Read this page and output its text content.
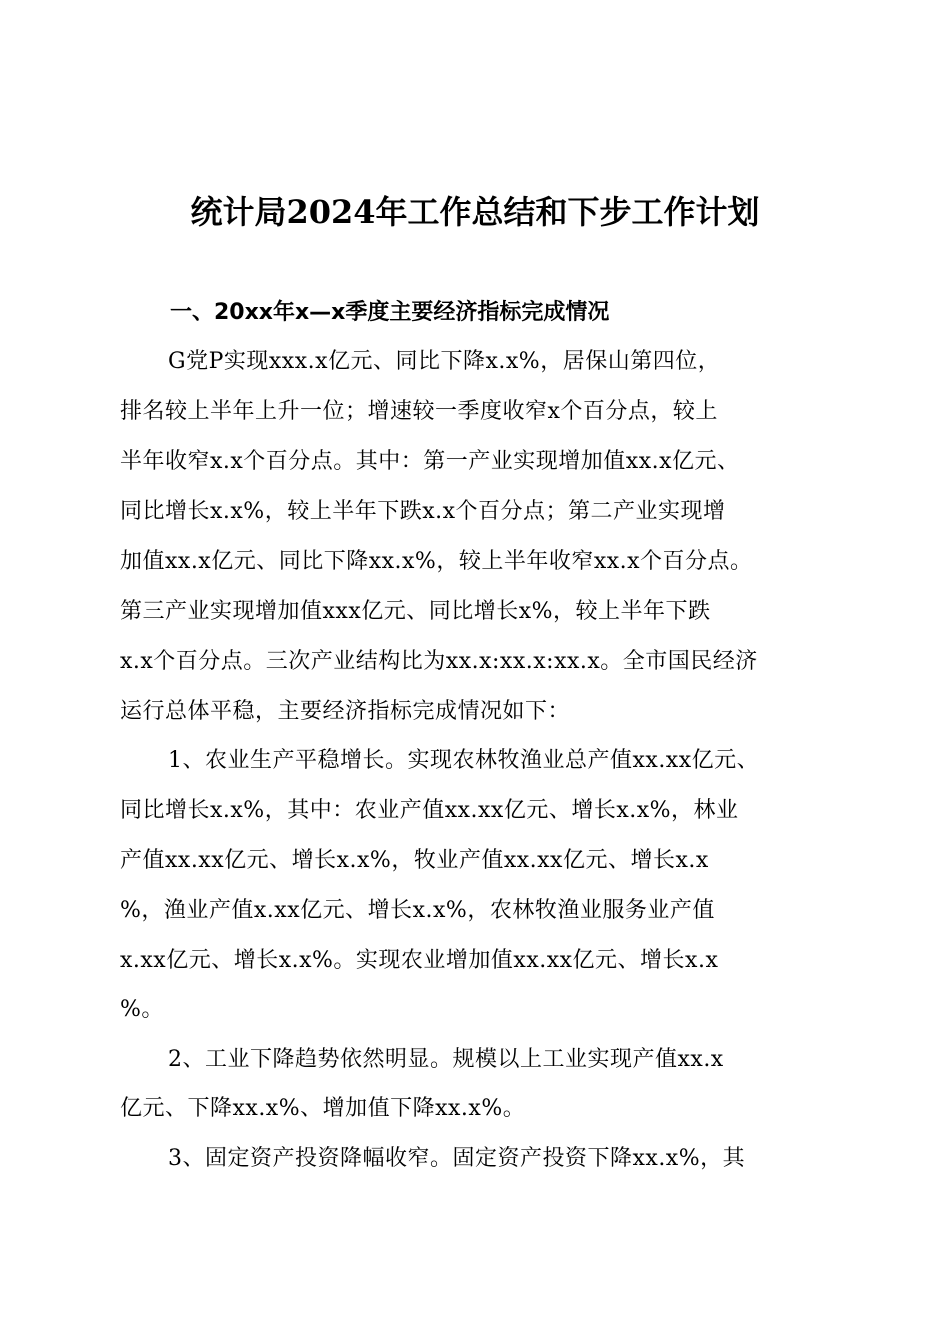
统计局2024年工作总结和下步工作计划
一、20xx年x—x季度主要经济指标完成情况
G党P实现xxx.x亿元、同比下降x.x%，居保山第四位，
排名较上半年上升一位；增速较一季度收窄x个百分点，较上
半年收窄x.x个百分点。其中：第一产业实现增加值xx.x亿元、
同比增长x.x%，较上半年下跌x.x个百分点；第二产业实现增
加值xx.x亿元、同比下降xx.x%，较上半年收窄xx.x个百分点。
第三产业实现增加值xxx亿元、同比增长x%，较上半年下跌
x.x个百分点。三次产业结构比为xx.x:xx.x:xx.x。全市国民经济
运行总体平稳，主要经济指标完成情况如下：
1、农业生产平稳增长。实现农林牧渔业总产值xx.xx亿元、
同比增长x.x%，其中：农业产值xx.xx亿元、增长x.x%，林业
产值xx.xx亿元、增长x.x%，牧业产值xx.xx亿元、增长x.x
%，渔业产值x.xx亿元、增长x.x%，农林牧渔业服务业产值
x.xx亿元、增长x.x%。实现农业增加值xx.xx亿元、增长x.x
%。
2、工业下降趋势依然明显。规模以上工业实现产值xx.x
亿元、下降xx.x%、增加值下降xx.x%。
3、固定资产投资降幅收窄。固定资产投资下降xx.x%，其
